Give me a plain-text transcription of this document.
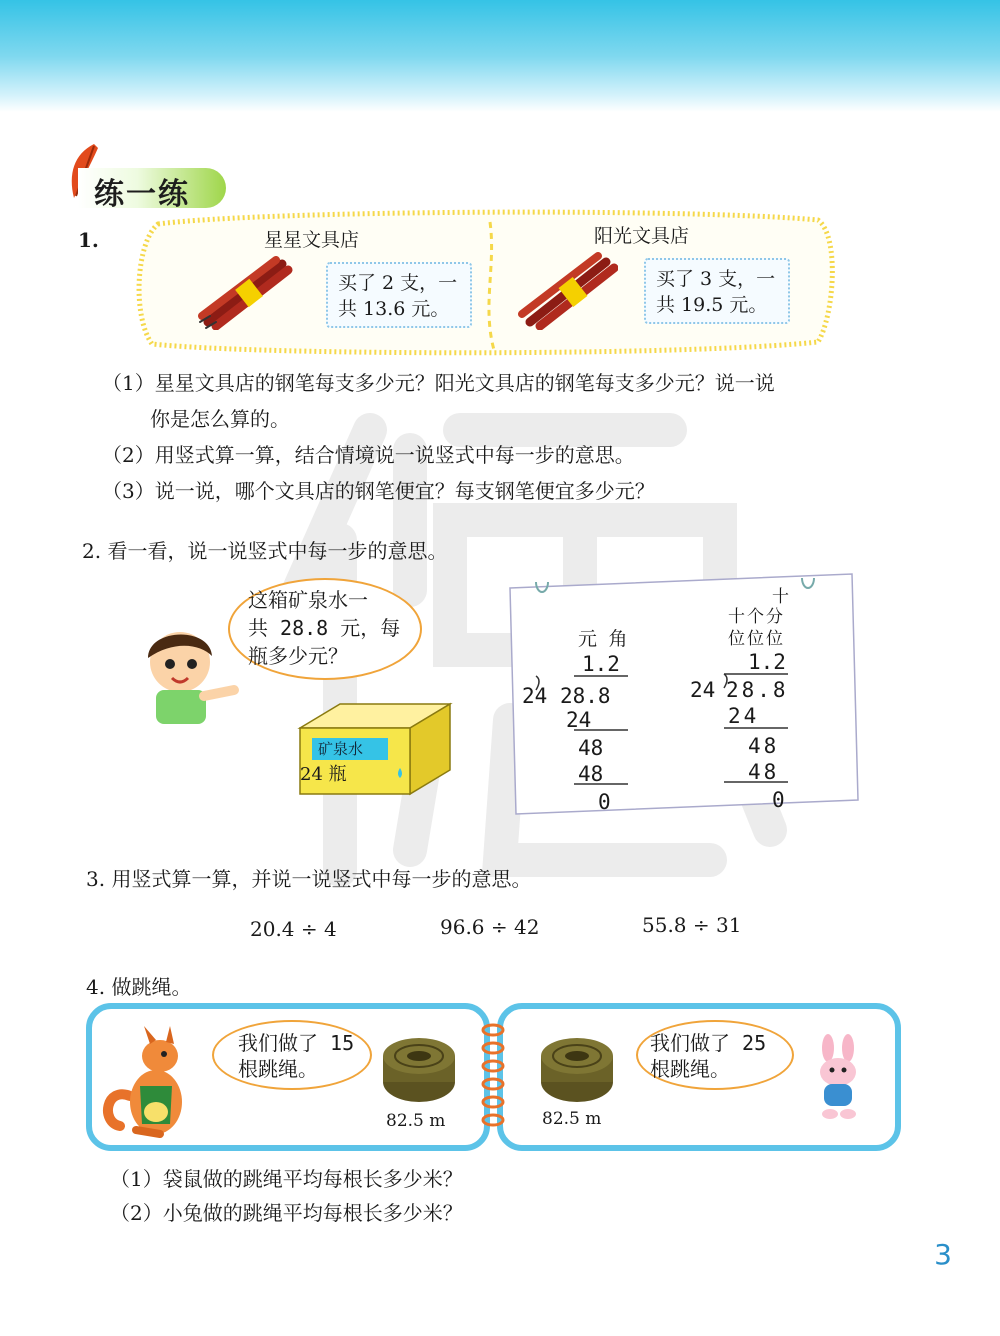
练一练
1.	星星文具店	阳光文具店
买了 2 支，一
共 13.6 元。
买了 3 支，一
共 19.5 元。
（1）星星文具店的钢笔每支多少元？阳光文具店的钢笔每支多少元？说一说
你是怎么算的。
（2）用竖式算一算，结合情境说一说竖式中每一步的意思。
（3）说一说，哪个文具店的钢笔便宜？每支钢笔便宜多少元？
2. 看一看，说一说竖式中每一步的意思。
这箱矿泉水一
共 28.8 元，每
瓶多少元？
矿泉水
24 瓶
元 角
1.2
24 28.8
24
48
48
0
十
十个分
位位位
1.2
24 28.8
24
48
48
0
3. 用竖式算一算，并说一说竖式中每一步的意思。
20.4 ÷ 4	96.6 ÷ 42	55.8 ÷ 31
4. 做跳绳。
我们做了 15
根跳绳。
82.5 m	82.5 m
我们做了 25
根跳绳。
（1）袋鼠做的跳绳平均每根长多少米？
（2）小兔做的跳绳平均每根长多少米？
3
